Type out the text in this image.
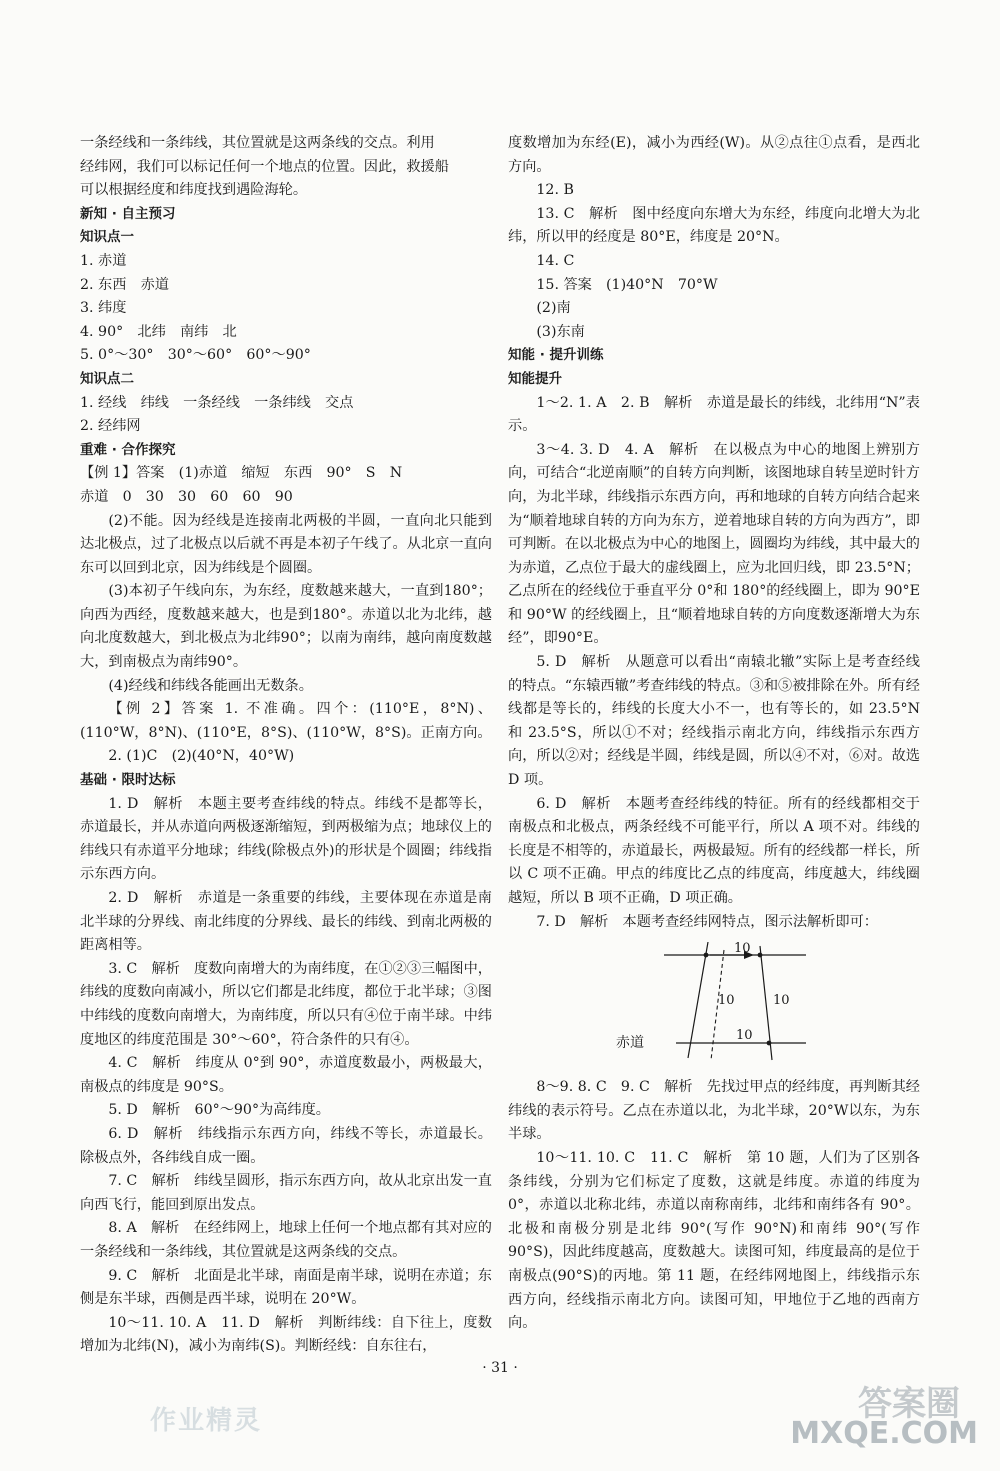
一条经线和一条纬线，其位置就是这两条线的交点。利用

经纬网，我们可以标记任何一个地点的位置。因此，救援船

可以根据经度和纬度找到遇险海轮。

新知 · 自主预习

知识点一

1. 赤道

2. 东西　赤道

3. 纬度

4. 90°　北纬　南纬　北

5. 0°～30°　30°～60°　60°～90°

知识点二

1. 经线　纬线　一条经线　一条纬线　交点

2. 经纬网

重难 · 合作探究

【例 1】答案　(1)赤道　缩短　东西　90°　S　N

赤道　0　30　30　60　60　90

(2)不能。因为经线是连接南北两极的半圆，一直向北只能到达北极点，过了北极点以后就不再是本初子午线了。从北京一直向东可以回到北京，因为纬线是个圆圈。

(3)本初子午线向东，为东经，度数越来越大，一直到180°；向西为西经，度数越来越大，也是到180°。赤道以北为北纬，越向北度数越大，到北极点为北纬90°；以南为南纬，越向南度数越大，到南极点为南纬90°。

(4)经线和纬线各能画出无数条。

【例 2】答案 1. 不准确。四个：(110°E，8°N)、(110°W，8°N)、(110°E，8°S)、(110°W，8°S)。正南方向。

2. (1)C　(2)(40°N，40°W)

基础 · 限时达标

1. D　解析　本题主要考查纬线的特点。纬线不是都等长，赤道最长，并从赤道向两极逐渐缩短，到两极缩为点；地球仪上的纬线只有赤道平分地球；纬线(除极点外)的形状是个圆圈；纬线指示东西方向。

2. D　解析　赤道是一条重要的纬线，主要体现在赤道是南北半球的分界线、南北纬度的分界线、最长的纬线、到南北两极的距离相等。

3. C　解析　度数向南增大的为南纬度，在①②③三幅图中，纬线的度数向南减小，所以它们都是北纬度，都位于北半球；③图中纬线的度数向南增大，为南纬度，所以只有④位于南半球。中纬度地区的纬度范围是 30°～60°，符合条件的只有④。

4. C　解析　纬度从 0°到 90°，赤道度数最小，两极最大，南极点的纬度是 90°S。

5. D　解析　60°～90°为高纬度。

6. D　解析　纬线指示东西方向，纬线不等长，赤道最长。除极点外，各纬线自成一圈。

7. C　解析　纬线呈圆形，指示东西方向，故从北京出发一直向西飞行，能回到原出发点。

8. A　解析　在经纬网上，地球上任何一个地点都有其对应的一条经线和一条纬线，其位置就是这两条线的交点。

9. C　解析　北面是北半球，南面是南半球，说明在赤道；东侧是东半球，西侧是西半球，说明在 20°W。

10～11. 10. A　11. D　解析　判断纬线：自下往上，度数增加为北纬(N)，减小为南纬(S)。判断经线：自东往右，

度数增加为东经(E)，减小为西经(W)。从②点往①点看，是西北方向。

12. B

13. C　解析　图中经度向东增大为东经，纬度向北增大为北纬，所以甲的经度是 80°E，纬度是 20°N。

14. C

15. 答案　(1)40°N　70°W

(2)南

(3)东南

知能 · 提升训练

知能提升

1～2. 1. A　2. B　解析　赤道是最长的纬线，北纬用“N”表示。

3～4. 3. D　4. A　解析　在以极点为中心的地图上辨别方向，可结合“北逆南顺”的自转方向判断，该图地球自转呈逆时针方向，为北半球，纬线指示东西方向，再和地球的自转方向结合起来为“顺着地球自转的方向为东方，逆着地球自转的方向为西方”，即可判断。在以北极点为中心的地图上，圆圈均为纬线，其中最大的为赤道，乙点位于最大的虚线圈上，应为北回归线，即 23.5°N；乙点所在的经线位于垂直平分 0°和 180°的经线圈上，即为 90°E 和 90°W 的经线圈上，且“顺着地球自转的方向度数逐渐增大为东经”，即90°E。

5. D　解析　从题意可以看出“南辕北辙”实际上是考查经线的特点。“东辕西辙”考查纬线的特点。③和⑤被排除在外。所有经线都是等长的，纬线的长度大小不一，也有等长的，如 23.5°N 和 23.5°S，所以①不对；经线指示南北方向，纬线指示东西方向，所以②对；经线是半圆，纬线是圆，所以④不对，⑥对。故选 D 项。

6. D　解析　本题考查经纬线的特征。所有的经线都相交于南极点和北极点，两条经线不可能平行，所以 A 项不对。纬线的长度是不相等的，赤道最长，两极最短。所有的经线都一样长，所以 C 项不正确。甲点的纬度比乙点的纬度高，纬度越大，纬线圈越短，所以 B 项不正确，D 项正确。

7. D　解析　本题考查经纬网特点，图示法解析即可：

10
10	10
10

8～9. 8. C　9. C　解析　先找过甲点的经纬度，再判断其经纬线的表示符号。乙点在赤道以北，为北半球，20°W以东，为东半球。

10～11. 10. C　11. C　解析　第 10 题，人们为了区别各条纬线，分别为它们标定了度数，这就是纬度。赤道的纬度为 0°，赤道以北称北纬，赤道以南称南纬，北纬和南纬各有 90°。北极和南极分别是北纬 90°(写作 90°N)和南纬 90°(写作 90°S)，因此纬度越高，度数越大。读图可知，纬度最高的是位于南极点(90°S)的丙地。第 11 题，在经纬网地图上，纬线指示东西方向，经线指示南北方向。读图可知，甲地位于乙地的西南方向。

赤道
· 31 ·
作业精灵	答案圈
MXQE.COM
